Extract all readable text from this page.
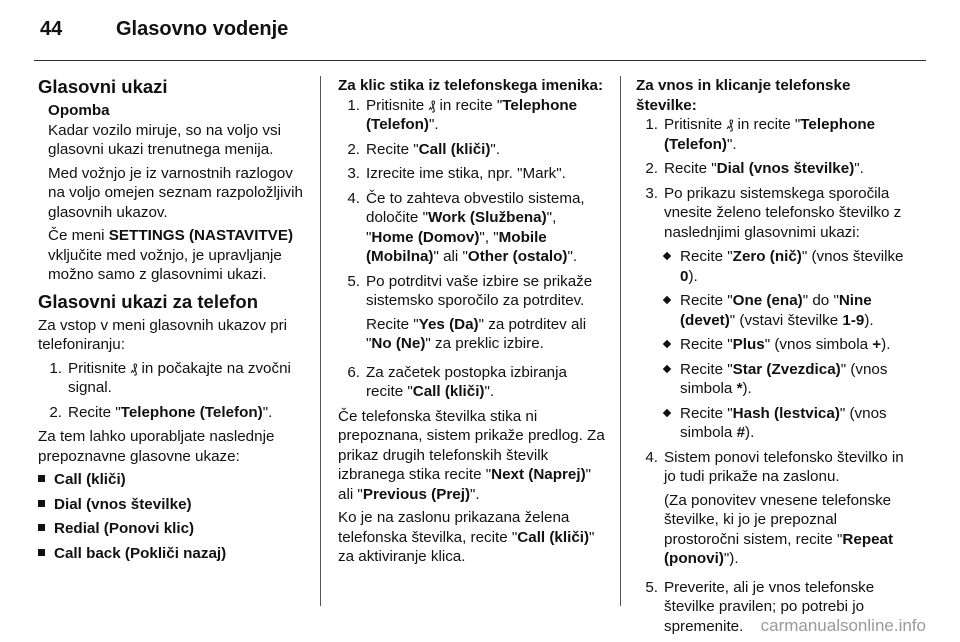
44	Glasovno vodenje
Glasovni ukazi
Opomba

Kadar vozilo miruje, so na voljo vsi glasovni ukazi trenutnega menija.

Med vožnjo je iz varnostnih razlogov na voljo omejen seznam razpoložljivih glasovnih ukazov.

Če meni SETTINGS (NASTAVITVE) vključite med vožnjo, je upravljanje možno samo z glasovnimi ukazi.

Glasovni ukazi za telefon

Za vstop v meni glasovnih ukazov pri telefoniranju:

1. Pritisnite ₰ in počakajte na zvočni signal.
2. Recite "Telephone (Telefon)".

Za tem lahko uporabljate naslednje prepoznavne glasovne ukaze:

Call (kliči)
Dial (vnos številke)
Redial (Ponovi klic)
Call back (Pokliči nazaj)
Za klic stika iz telefonskega imenika:
1. Pritisnite ₰ in recite "Telephone (Telefon)".
2. Recite "Call (kliči)".
3. Izrecite ime stika, npr. "Mark".
4. Če to zahteva obvestilo sistema, določite "Work (Službena)", "Home (Domov)", "Mobile (Mobilna)" ali "Other (ostalo)".
5. Po potrditvi vaše izbire se prikaže sistemsko sporočilo za potrditev.

Recite "Yes (Da)" za potrditev ali "No (Ne)" za preklic izbire.

6. Za začetek postopka izbiranja recite "Call (kliči)".

Če telefonska številka stika ni prepoznana, sistem prikaže predlog. Za prikaz drugih telefonskih številk izbranega stika recite "Next (Naprej)" ali "Previous (Prej)".

Ko je na zaslonu prikazana želena telefonska številka, recite "Call (kliči)" za aktiviranje klica.

Za vnos in klicanje telefonske številke:
1. Pritisnite ₰ in recite "Telephone (Telefon)".
2. Recite "Dial (vnos številke)".
3. Po prikazu sistemskega sporočila vnesite želeno telefonsko številko z naslednjimi glasovnimi ukazi:
Recite "Zero (nič)" (vnos številke 0).
Recite "One (ena)" do "Nine (devet)" (vstavi številke 1-9).
Recite "Plus" (vnos simbola +).
Recite "Star (Zvezdica)" (vnos simbola *).
Recite "Hash (lestvica)" (vnos simbola #).
4. Sistem ponovi telefonsko številko in jo tudi prikaže na zaslonu.

(Za ponovitev vnesene telefonske številke, ki jo je prepoznal prostoročni sistem, recite "Repeat (ponovi)").

5. Preverite, ali je vnos telefonske številke pravilen; po potrebi jo spremenite.	carmanualsonline.info
